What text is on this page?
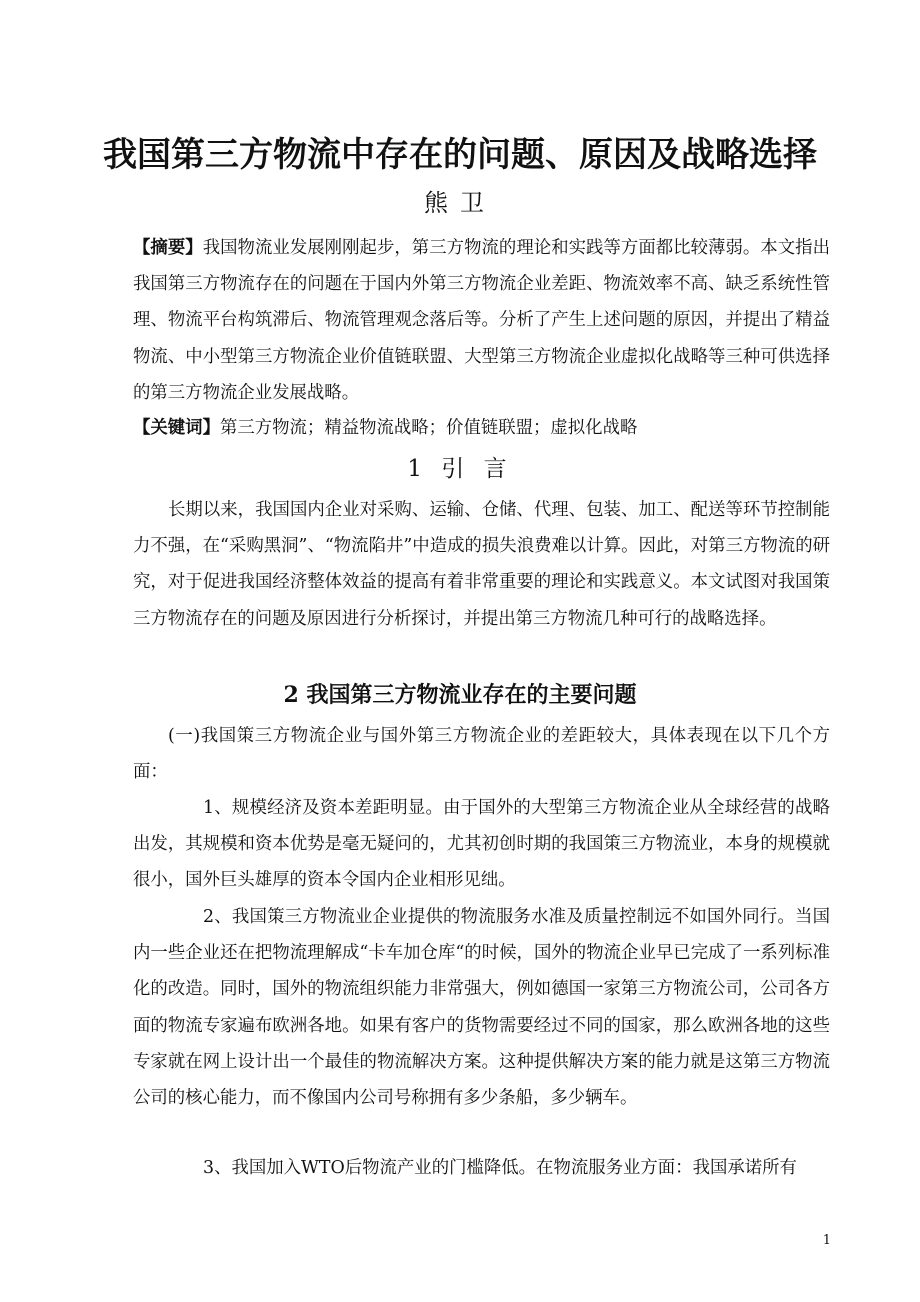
我国第三方物流中存在的问题、原因及战略选择
熊卫
【摘要】我国物流业发展刚刚起步，第三方物流的理论和实践等方面都比较薄弱。本文指出我国第三方物流存在的问题在于国内外第三方物流企业差距、物流效率不高、缺乏系统性管理、物流平台构筑滞后、物流管理观念落后等。分析了产生上述问题的原因，并提出了精益物流、中小型第三方物流企业价值链联盟、大型第三方物流企业虚拟化战略等三种可供选择的第三方物流企业发展战略。
【关键词】第三方物流；精益物流战略；价值链联盟；虚拟化战略
1 引 言
长期以来，我国国内企业对采购、运输、仓储、代理、包装、加工、配送等环节控制能力不强，在“采购黑洞”、“物流陷井”中造成的损失浪费难以计算。因此，对第三方物流的研究，对于促进我国经济整体效益的提高有着非常重要的理论和实践意义。本文试图对我国策三方物流存在的问题及原因进行分析探讨，并提出第三方物流几种可行的战略选择。
2 我国第三方物流业存在的主要问题
(一)我国策三方物流企业与国外第三方物流企业的差距较大，具体表现在以下几个方面：
1、规模经济及资本差距明显。由于国外的大型第三方物流企业从全球经营的战略出发，其规模和资本优势是毫无疑问的，尤其初创时期的我国策三方物流业，本身的规模就很小，国外巨头雄厚的资本令国内企业相形见绌。
2、我国策三方物流业企业提供的物流服务水准及质量控制远不如国外同行。当国内一些企业还在把物流理解成“卡车加仓库“的时候，国外的物流企业早已完成了一系列标准化的改造。同时，国外的物流组织能力非常强大，例如德国一家第三方物流公司，公司各方面的物流专家遍布欧洲各地。如果有客户的货物需要经过不同的国家，那么欧洲各地的这些专家就在网上设计出一个最佳的物流解决方案。这种提供解决方案的能力就是这第三方物流公司的核心能力，而不像国内公司号称拥有多少条船，多少辆车。
3、我国加入WTO后物流产业的门槛降低。在物流服务业方面：我国承诺所有
1
